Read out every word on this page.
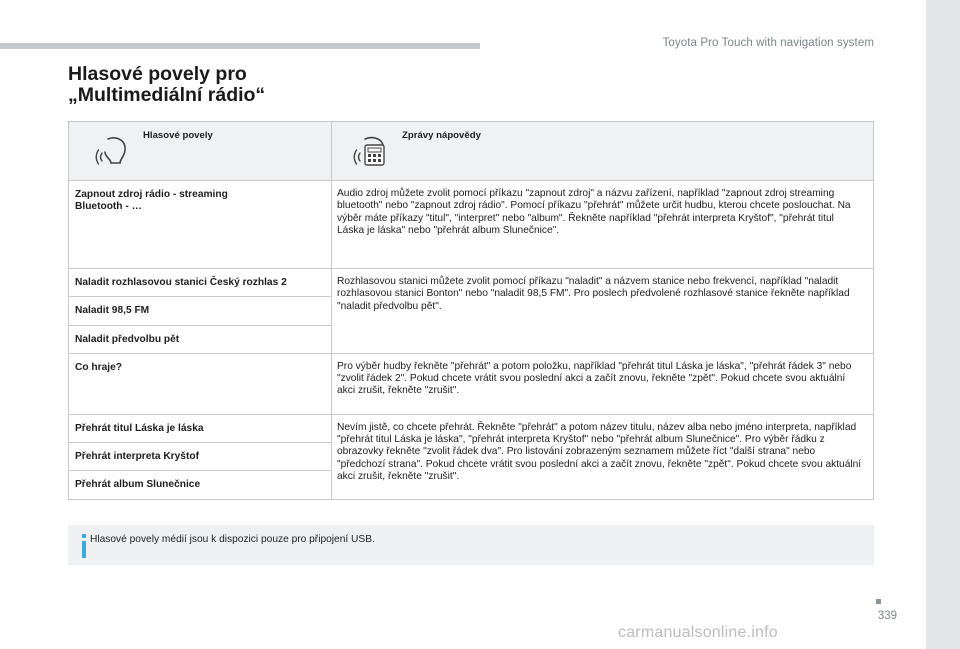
Toyota Pro Touch with navigation system
Hlasové povely pro
„Multimediální rádio“
Hlasové povely	Zprávy nápovědy

Zapnout zdroj rádio - streaming
Bluetooth - …	Audio zdroj můžete zvolit pomocí příkazu "zapnout zdroj" a názvu zařízení, například "zapnout zdroj streaming bluetooth" nebo "zapnout zdroj rádio". Pomocí příkazu "přehrát" můžete určit hudbu, kterou chcete poslouchat. Na výběr máte příkazy "titul", "interpret" nebo "album". Řekněte například "přehrát interpreta Kryštof", "přehrát titul Láska je láska" nebo "přehrát album Slunečnice".
Naladit rozhlasovou stanici Český rozhlas 2	Rozhlasovou stanici můžete zvolit pomocí příkazu "naladit" a názvem stanice nebo frekvencí, například "naladit rozhlasovou stanici Bonton" nebo "naladit 98,5 FM". Pro poslech předvolené rozhlasové stanice řekněte například "naladit předvolbu pět".
Naladit 98,5 FM	
Naladit předvolbu pět	
Co hraje?	Pro výběr hudby řekněte "přehrát" a potom položku, například "přehrát titul Láska je láska", "přehrát řádek 3" nebo "zvolit řádek 2". Pokud chcete vrátit svou poslední akci a začít znovu, řekněte "zpět". Pokud chcete svou aktuální akci zrušit, řekněte "zrušit".
Přehrát titul Láska je láska	Nevím jistě, co chcete přehrát. Řekněte "přehrát" a potom název titulu, název alba nebo jméno interpreta, například "přehrát titul Láska je láska", "přehrát interpreta Kryštof" nebo "přehrát album Slunečnice". Pro výběr řádku z obrazovky řekněte "zvolit řádek dva". Pro listování zobrazeným seznamem můžete říct "další strana" nebo "předchozí strana". Pokud chcete vrátit svou poslední akci a začít znovu, řekněte "zpět". Pokud chcete svou aktuální akci zrušit, řekněte "zrušit".
Přehrát interpreta Kryštof	
Přehrát album Slunečnice	
Hlasové povely médií jsou k dispozici pouze pro připojení USB.
339
carmanualsonline.info
